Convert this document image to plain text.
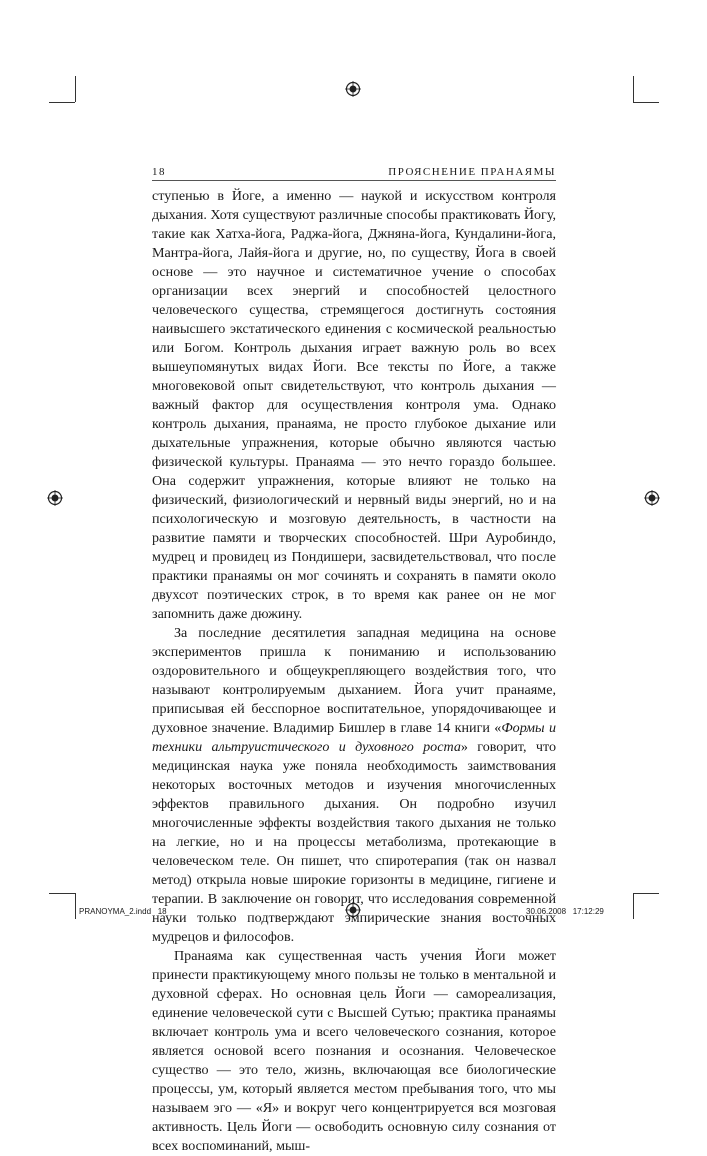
18	ПРОЯСНЕНИЕ ПРАНАЯМЫ

ступенью в Йоге, а именно — наукой и искусством контроля дыхания. Хотя существуют различные способы практиковать Йогу, такие как Хатха-йога, Раджа-йога, Джняна-йога, Кундалини-йога, Мантра-йога, Лайя-йога и другие, но, по существу, Йога в своей основе — это научное и систематичное учение о способах организации всех энергий и способностей целостного человеческого существа, стремящегося достигнуть состояния наивысшего экстатического единения с космической реальностью или Богом. Контроль дыхания играет важную роль во всех вышеупомянутых видах Йоги. Все тексты по Йоге, а также многовековой опыт свидетельствуют, что контроль дыхания — важный фактор для осуществления контроля ума. Однако контроль дыхания, пранаяма, не просто глубокое дыхание или дыхательные упражнения, которые обычно являются частью физической культуры. Пранаяма — это нечто гораздо большее. Она содержит упражнения, которые влияют не только на физический, физиологический и нервный виды энергий, но и на психологическую и мозговую деятельность, в частности на развитие памяти и творческих способностей. Шри Ауробиндо, мудрец и провидец из Пондишери, засвидетельствовал, что после практики пранаямы он мог сочинять и сохранять в памяти около двухсот поэтических строк, в то время как ранее он не мог запомнить даже дюжину.

За последние десятилетия западная медицина на основе экспериментов пришла к пониманию и использованию оздоровительного и общеукрепляющего воздействия того, что называют контролируемым дыханием. Йога учит пранаяме, приписывая ей бесспорное воспитательное, упорядочивающее и духовное значение. Владимир Бишлер в главе 14 книги «Формы и техники альтруистического и духовного роста» говорит, что медицинская наука уже поняла необходимость заимствования некоторых восточных методов и изучения многочисленных эффектов правильного дыхания. Он подробно изучил многочисленные эффекты воздействия такого дыхания не только на легкие, но и на процессы метаболизма, протекающие в человеческом теле. Он пишет, что спиротерапия (так он назвал метод) открыла новые широкие горизонты в медицине, гигиене и терапии. В заключение он говорит, что исследования современной науки только подтверждают эмпирические знания восточных мудрецов и философов.

Пранаяма как существенная часть учения Йоги может принести практикующему много пользы не только в ментальной и духовной сферах. Но основная цель Йоги — самореализация, единение человеческой сути с Высшей Сутью; практика пранаямы включает контроль ума и всего человеческого сознания, которое является основой всего познания и осознания. Человеческое существо — это тело, жизнь, включающая все биологические процессы, ум, который является местом пребывания того, что мы называем эго — «Я» и вокруг чего концентрируется вся мозговая активность. Цель Йоги — освободить основную силу сознания от всех воспоминаний, мыш-

PRANOYMA_2.indd   18	30.06.2008   17:12:29
